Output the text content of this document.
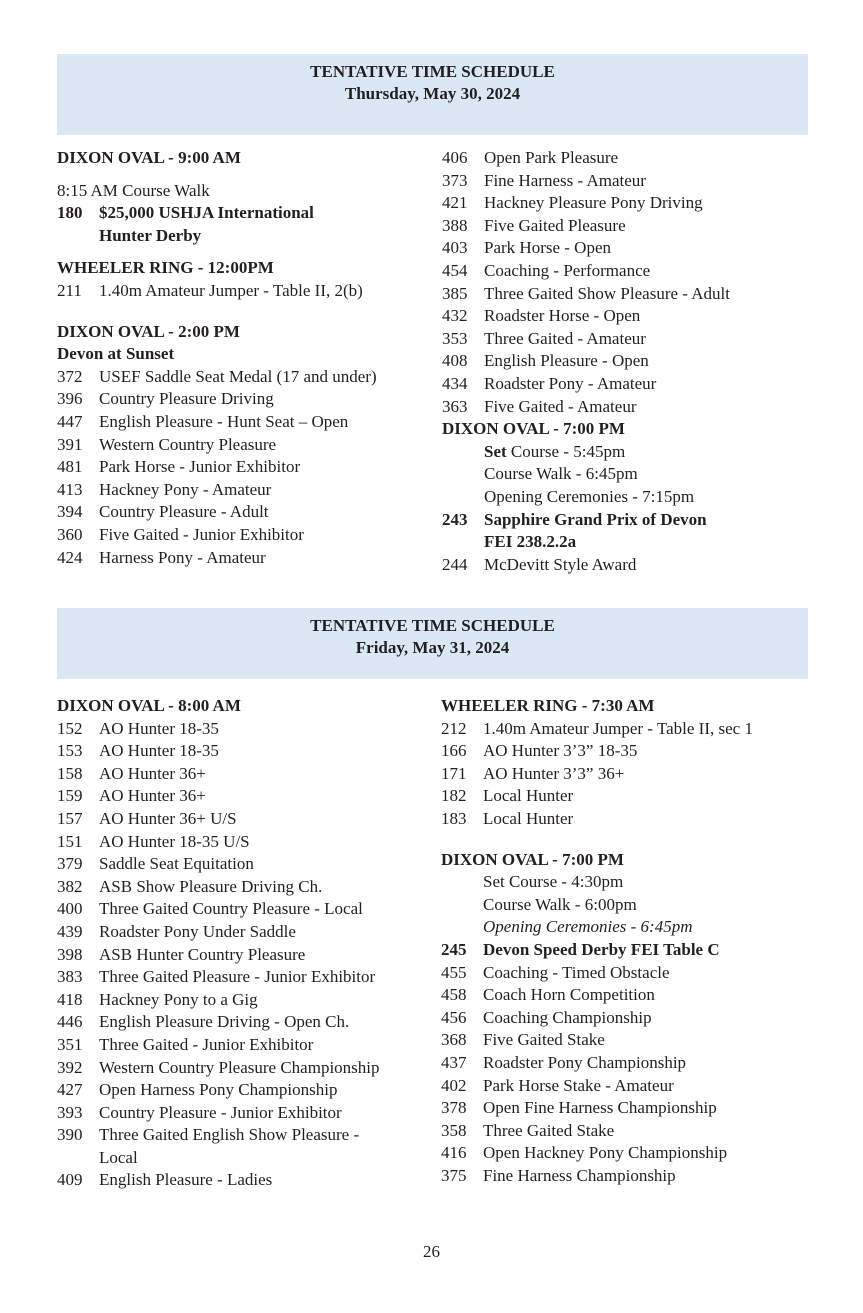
TENTATIVE TIME SCHEDULE
Thursday, May 30, 2024
DIXON OVAL - 9:00 AM
8:15 AM Course Walk
180 $25,000 USHJA International
Hunter Derby
WHEELER RING - 12:00PM
211	1.40m Amateur Jumper - Table II, 2(b)
DIXON OVAL - 2:00 PM
Devon at Sunset
372 USEF Saddle Seat Medal (17 and under)
396 Country Pleasure Driving
447 English Pleasure - Hunt Seat – Open
391 Western Country Pleasure
481 Park Horse - Junior Exhibitor
413 Hackney Pony - Amateur
394 Country Pleasure - Adult
360 Five Gaited - Junior Exhibitor
424 Harness Pony - Amateur
406 Open Park Pleasure
373 Fine Harness - Amateur
421 Hackney Pleasure Pony Driving
388 Five Gaited Pleasure
403 Park Horse - Open
454 Coaching - Performance
385 Three Gaited Show Pleasure - Adult
432 Roadster Horse - Open
353 Three Gaited - Amateur
408 English Pleasure - Open
434 Roadster Pony - Amateur
363 Five Gaited - Amateur
DIXON OVAL - 7:00 PM
Set Course - 5:45pm
Course Walk - 6:45pm
Opening Ceremonies - 7:15pm
243 Sapphire Grand Prix of Devon
FEI 238.2.2a
244 McDevitt Style Award
TENTATIVE TIME SCHEDULE
Friday, May 31, 2024
DIXON OVAL - 8:00 AM
152 AO Hunter 18-35
153 AO Hunter 18-35
158 AO Hunter 36+
159 AO Hunter 36+
157 AO Hunter 36+ U/S
151 AO Hunter 18-35 U/S
379 Saddle Seat Equitation
382 ASB Show Pleasure Driving Ch.
400 Three Gaited Country Pleasure - Local
439 Roadster Pony Under Saddle
398 ASB Hunter Country Pleasure
383 Three Gaited Pleasure - Junior Exhibitor
418 Hackney Pony to a Gig
446 English Pleasure Driving - Open Ch.
351 Three Gaited - Junior Exhibitor
392 Western Country Pleasure Championship
427 Open Harness Pony Championship
393 Country Pleasure - Junior Exhibitor
390 Three Gaited English Show Pleasure -
Local
409 English Pleasure - Ladies
WHEELER RING - 7:30 AM
212 1.40m Amateur Jumper - Table II, sec 1
166 AO Hunter 3’3” 18-35
171 AO Hunter 3’3” 36+
182 Local Hunter
183 Local Hunter
DIXON OVAL - 7:00 PM
Set Course - 4:30pm
Course Walk - 6:00pm
Opening Ceremonies - 6:45pm
245 Devon Speed Derby FEI Table C
455 Coaching - Timed Obstacle
458 Coach Horn Competition
456 Coaching Championship
368 Five Gaited Stake
437 Roadster Pony Championship
402 Park Horse Stake - Amateur
378 Open Fine Harness Championship
358 Three Gaited Stake
416 Open Hackney Pony Championship
375 Fine Harness Championship
26
